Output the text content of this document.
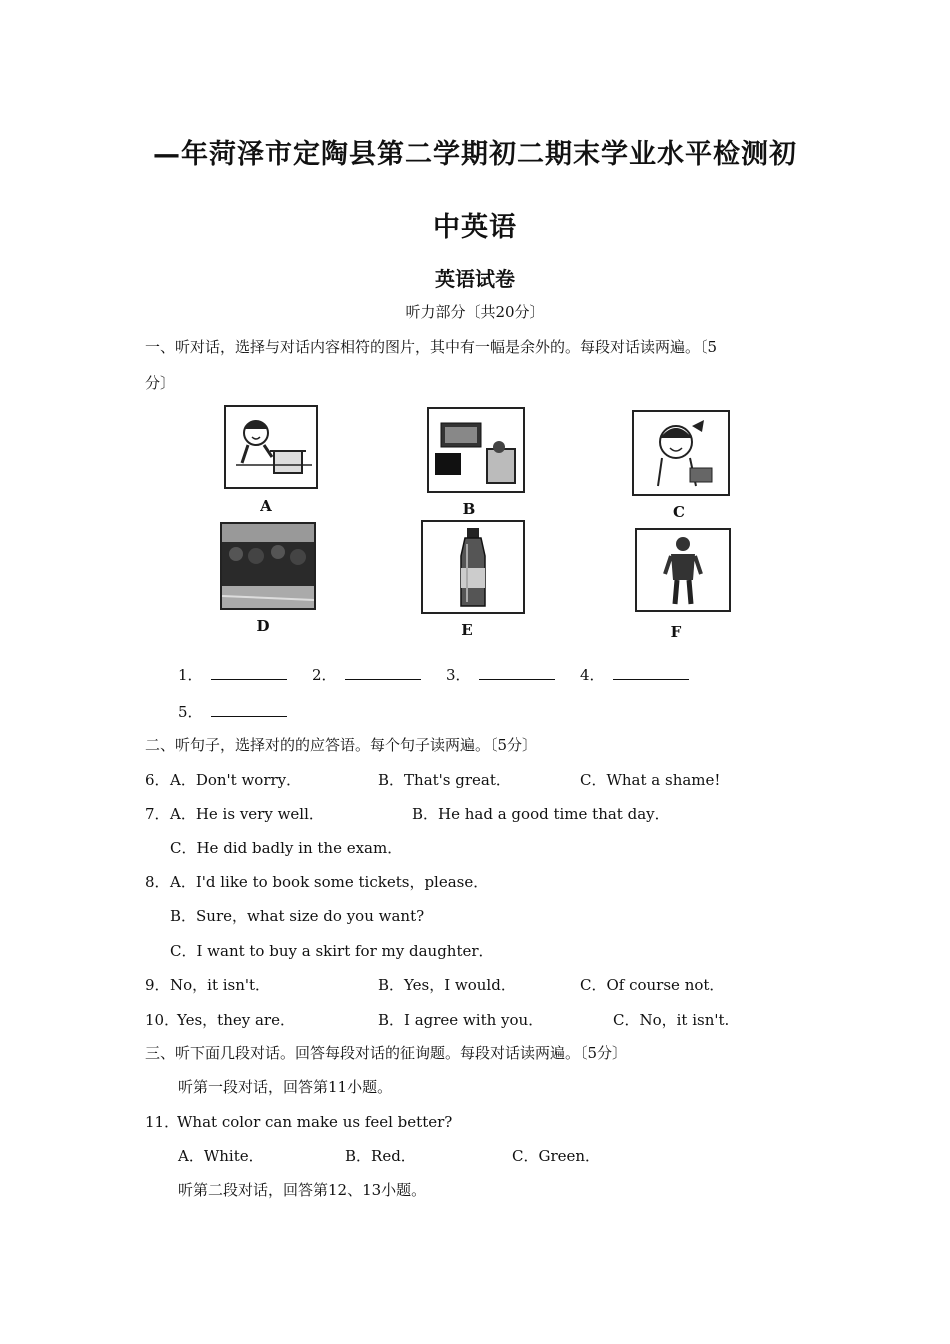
—年菏泽市定陶县第二学期初二期末学业水平检测初
中英语
英语试卷
听力部分〔共20分〕
一、听对话，选择与对话内容相符的图片，其中有一幅是余外的。每段对话读两遍。〔5
分〕
A	B	C
D	E	F
1．	2．	3．	4．
5．
二、听句子，选择对的的应答语。每个句子读两遍。〔5分〕
6． A．Don't worry．	B．That's great．	C．What a shame!
7． A．He is very well．	B．He had a good time that day．
C．He did badly in the exam．
8． A．I'd like to book some tickets，please．
B．Sure，what size do you want?
C．I want to buy a skirt for my daughter．
9． No，it isn't．	B．Yes，I would．	C．Of course not．
10．
Yes，they are．	B．I agree with you．	C．No，it isn't.
三、听下面几段对话。回答每段对话的征询题。每段对话读两遍。〔5分〕
听第一段对话，回答第11小题。
11．
What color can make us feel better?
A．White．	B．Red．	C．Green．
听第二段对话，回答第12、13小题。
